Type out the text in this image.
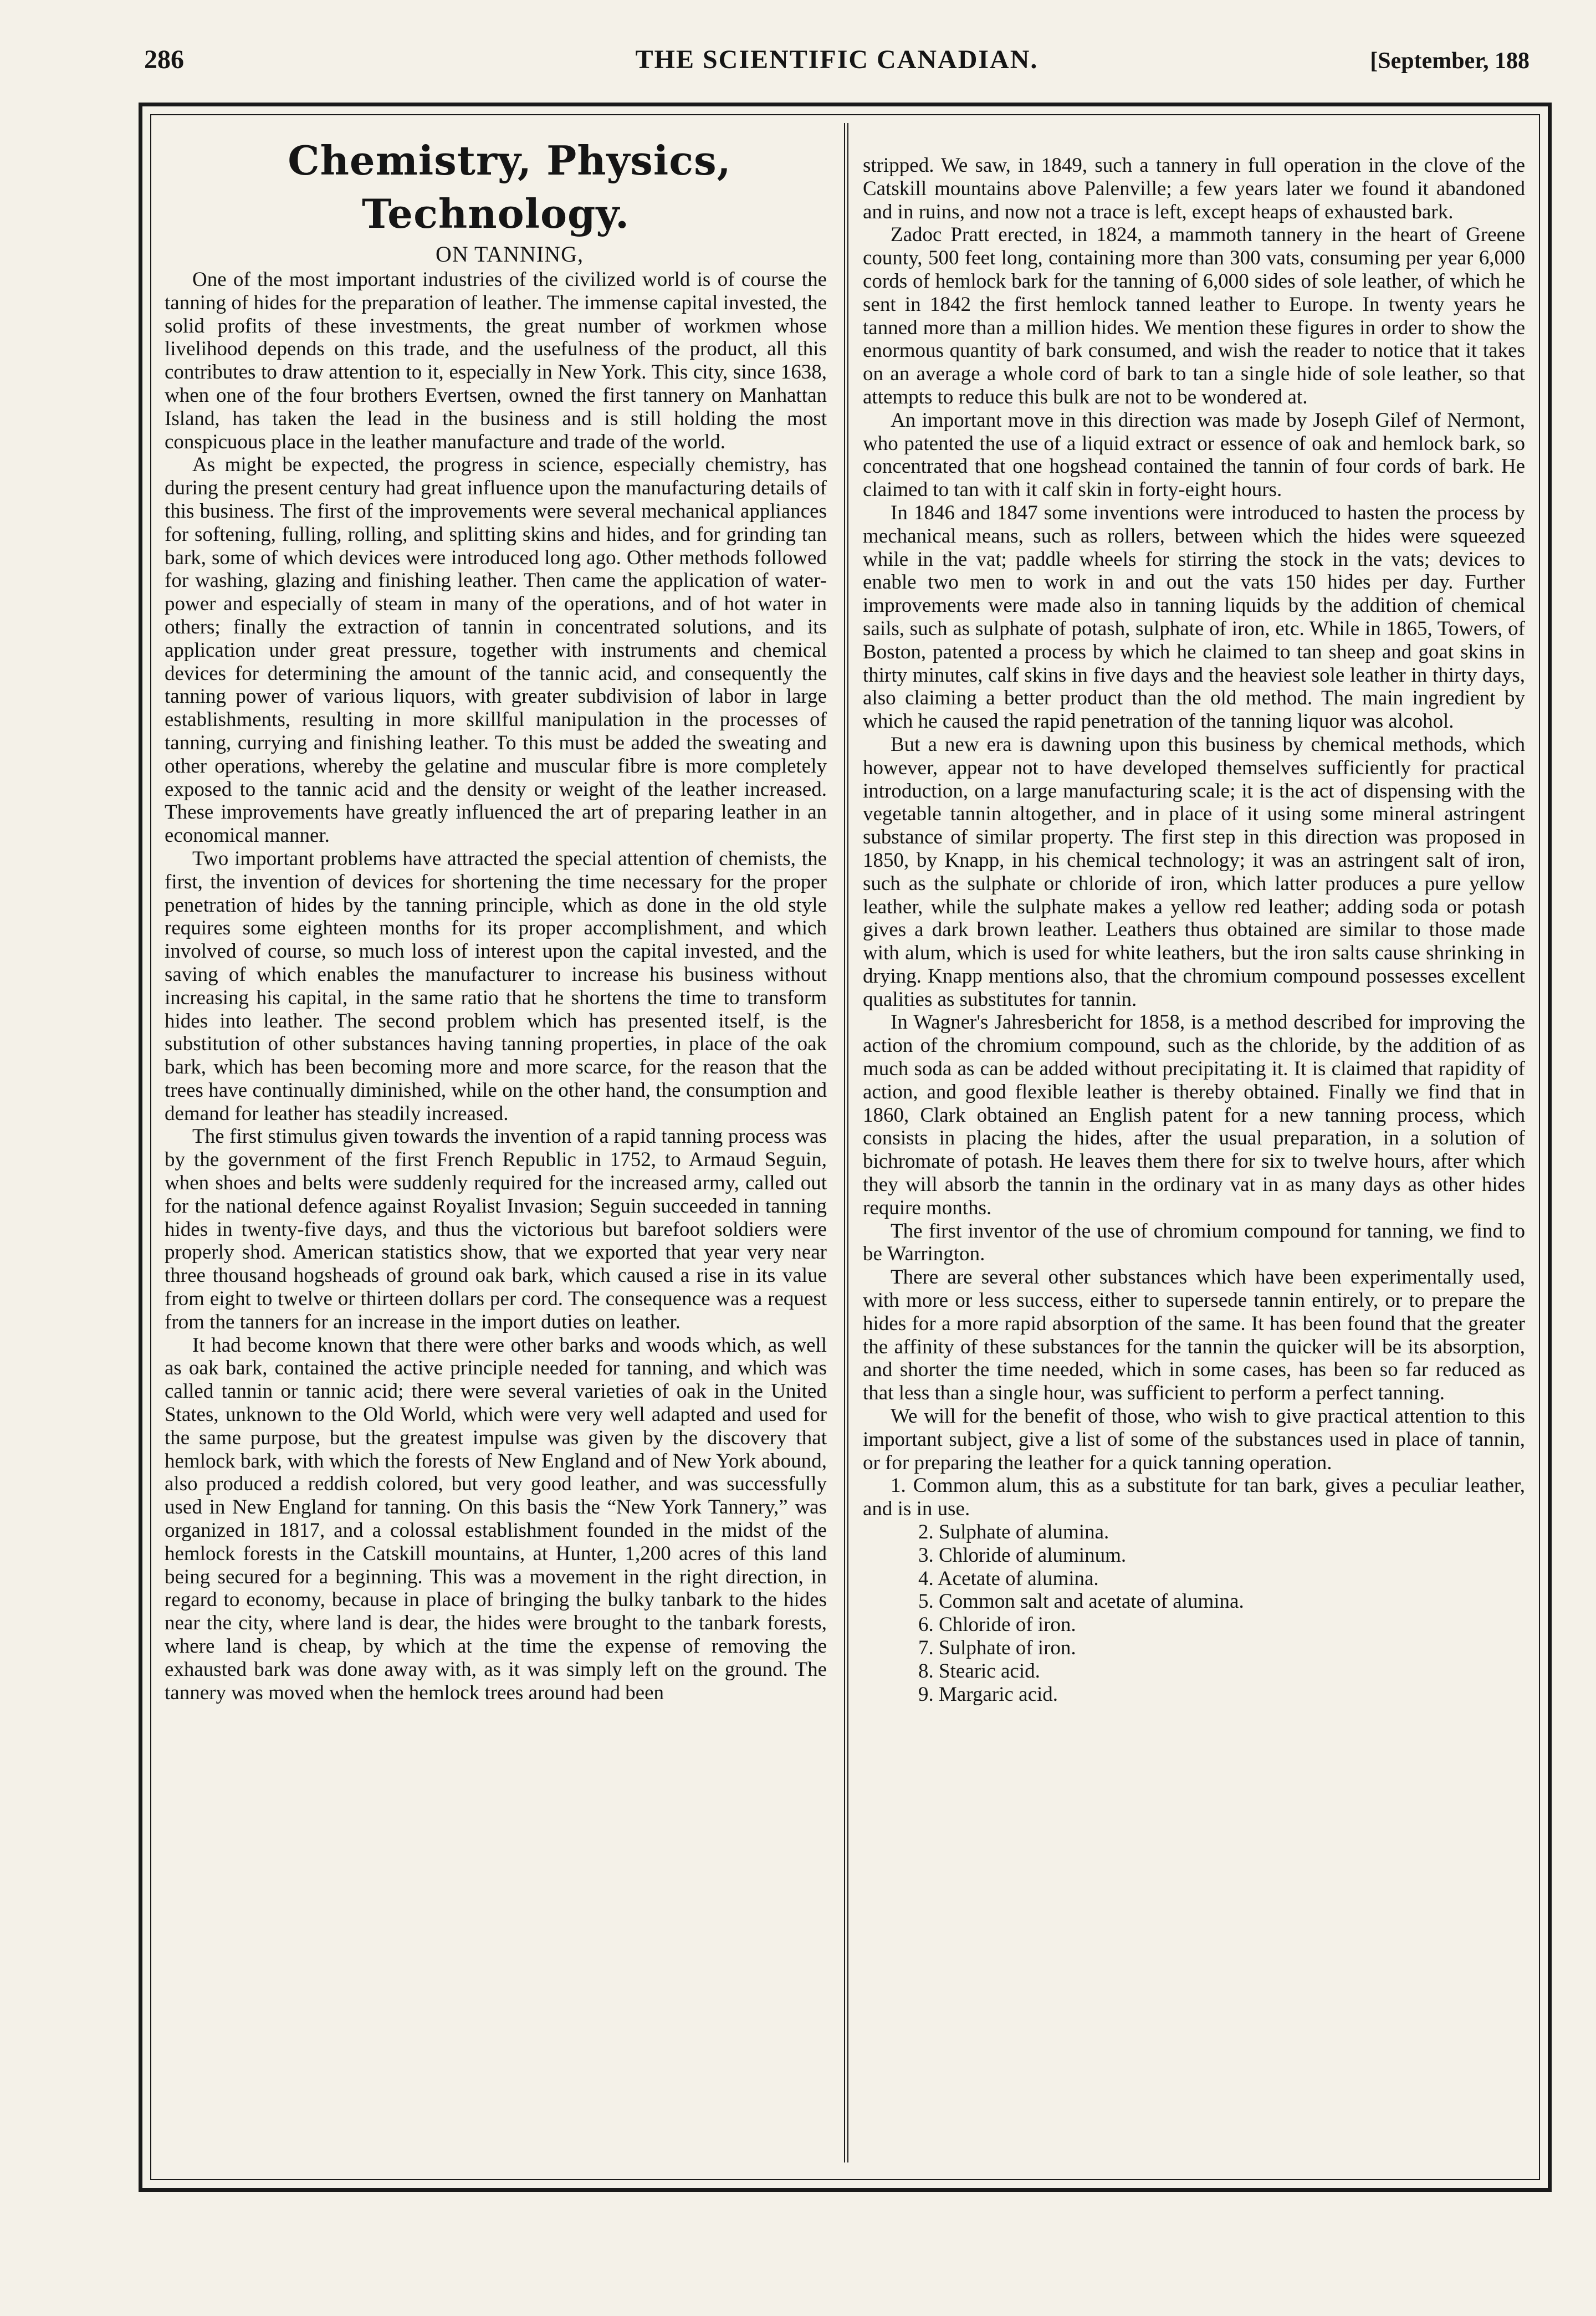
286	THE SCIENTIFIC CANADIAN.	[September, 188

Chemistry, Physics, Technology.

ON TANNING,

One of the most important industries of the civilized world is of course the tanning of hides for the preparation of leather. The immense capital invested, the solid profits of these investments, the great number of workmen whose livelihood depends on this trade, and the usefulness of the product, all this contributes to draw attention to it, especially in New York. This city, since 1638, when one of the four brothers Evertsen, owned the first tannery on Manhattan Island, has taken the lead in the business and is still holding the most conspicuous place in the leather manufacture and trade of the world.

As might be expected, the progress in science, especially chemistry, has during the present century had great influence upon the manufacturing details of this business. The first of the improvements were several mechanical appliances for softening, fulling, rolling, and splitting skins and hides, and for grinding tan bark, some of which devices were introduced long ago. Other methods followed for washing, glazing and finishing leather. Then came the application of water-power and especially of steam in many of the operations, and of hot water in others; finally the extraction of tannin in concentrated solutions, and its application under great pressure, together with instruments and chemical devices for determining the amount of the tannic acid, and consequently the tanning power of various liquors, with greater subdivision of labor in large establishments, resulting in more skillful manipulation in the processes of tanning, currying and finishing leather. To this must be added the sweating and other operations, whereby the gelatine and muscular fibre is more completely exposed to the tannic acid and the density or weight of the leather increased. These improvements have greatly influenced the art of preparing leather in an economical manner.

Two important problems have attracted the special attention of chemists, the first, the invention of devices for shortening the time necessary for the proper penetration of hides by the tanning principle, which as done in the old style requires some eighteen months for its proper accomplishment, and which involved of course, so much loss of interest upon the capital invested, and the saving of which enables the manufacturer to increase his business without increasing his capital, in the same ratio that he shortens the time to transform hides into leather. The second problem which has presented itself, is the substitution of other substances having tanning properties, in place of the oak bark, which has been becoming more and more scarce, for the reason that the trees have continually diminished, while on the other hand, the consumption and demand for leather has steadily increased.

The first stimulus given towards the invention of a rapid tanning process was by the government of the first French Republic in 1752, to Armaud Seguin, when shoes and belts were suddenly required for the increased army, called out for the national defence against Royalist Invasion; Seguin succeeded in tanning hides in twenty-five days, and thus the victorious but barefoot soldiers were properly shod. American statistics show, that we exported that year very near three thousand hogsheads of ground oak bark, which caused a rise in its value from eight to twelve or thirteen dollars per cord. The consequence was a request from the tanners for an increase in the import duties on leather.

It had become known that there were other barks and woods which, as well as oak bark, contained the active principle needed for tanning, and which was called tannin or tannic acid; there were several varieties of oak in the United States, unknown to the Old World, which were very well adapted and used for the same purpose, but the greatest impulse was given by the discovery that hemlock bark, with which the forests of New England and of New York abound, also produced a reddish colored, but very good leather, and was successfully used in New England for tanning. On this basis the “New York Tannery,” was organized in 1817, and a colossal establishment founded in the midst of the hemlock forests in the Catskill mountains, at Hunter, 1,200 acres of this land being secured for a beginning. This was a movement in the right direction, in regard to economy, because in place of bringing the bulky tanbark to the hides near the city, where land is dear, the hides were brought to the tanbark forests, where land is cheap, by which at the time the expense of removing the exhausted bark was done away with, as it was simply left on the ground. The tannery was moved when the hemlock trees around had been

stripped. We saw, in 1849, such a tannery in full operation in the clove of the Catskill mountains above Palenville; a few years later we found it abandoned and in ruins, and now not a trace is left, except heaps of exhausted bark.

Zadoc Pratt erected, in 1824, a mammoth tannery in the heart of Greene county, 500 feet long, containing more than 300 vats, consuming per year 6,000 cords of hemlock bark for the tanning of 6,000 sides of sole leather, of which he sent in 1842 the first hemlock tanned leather to Europe. In twenty years he tanned more than a million hides. We mention these figures in order to show the enormous quantity of bark consumed, and wish the reader to notice that it takes on an average a whole cord of bark to tan a single hide of sole leather, so that attempts to reduce this bulk are not to be wondered at.

An important move in this direction was made by Joseph Gilef of Nermont, who patented the use of a liquid extract or essence of oak and hemlock bark, so concentrated that one hogshead contained the tannin of four cords of bark. He claimed to tan with it calf skin in forty-eight hours.

In 1846 and 1847 some inventions were introduced to hasten the process by mechanical means, such as rollers, between which the hides were squeezed while in the vat; paddle wheels for stirring the stock in the vats; devices to enable two men to work in and out the vats 150 hides per day. Further improvements were made also in tanning liquids by the addition of chemical sails, such as sulphate of potash, sulphate of iron, etc. While in 1865, Towers, of Boston, patented a process by which he claimed to tan sheep and goat skins in thirty minutes, calf skins in five days and the heaviest sole leather in thirty days, also claiming a better product than the old method. The main ingredient by which he caused the rapid penetration of the tanning liquor was alcohol.

But a new era is dawning upon this business by chemical methods, which however, appear not to have developed themselves sufficiently for practical introduction, on a large manufacturing scale; it is the act of dispensing with the vegetable tannin altogether, and in place of it using some mineral astringent substance of similar property. The first step in this direction was proposed in 1850, by Knapp, in his chemical technology; it was an astringent salt of iron, such as the sulphate or chloride of iron, which latter produces a pure yellow leather, while the sulphate makes a yellow red leather; adding soda or potash gives a dark brown leather. Leathers thus obtained are similar to those made with alum, which is used for white leathers, but the iron salts cause shrinking in drying. Knapp mentions also, that the chromium compound possesses excellent qualities as substitutes for tannin.

In Wagner's Jahresbericht for 1858, is a method described for improving the action of the chromium compound, such as the chloride, by the addition of as much soda as can be added without precipitating it. It is claimed that rapidity of action, and good flexible leather is thereby obtained. Finally we find that in 1860, Clark obtained an English patent for a new tanning process, which consists in placing the hides, after the usual preparation, in a solution of bichromate of potash. He leaves them there for six to twelve hours, after which they will absorb the tannin in the ordinary vat in as many days as other hides require months.

The first inventor of the use of chromium compound for tanning, we find to be Warrington.

There are several other substances which have been experimentally used, with more or less success, either to supersede tannin entirely, or to prepare the hides for a more rapid absorption of the same. It has been found that the greater the affinity of these substances for the tannin the quicker will be its absorption, and shorter the time needed, which in some cases, has been so far reduced as that less than a single hour, was sufficient to perform a perfect tanning.

We will for the benefit of those, who wish to give practical attention to this important subject, give a list of some of the substances used in place of tannin, or for preparing the leather for a quick tanning operation.

1. Common alum, this as a substitute for tan bark, gives a peculiar leather, and is in use.

2. Sulphate of alumina.

3. Chloride of aluminum.

4. Acetate of alumina.

5. Common salt and acetate of alumina.

6. Chloride of iron.

7. Sulphate of iron.

8. Stearic acid.

9. Margaric acid.
